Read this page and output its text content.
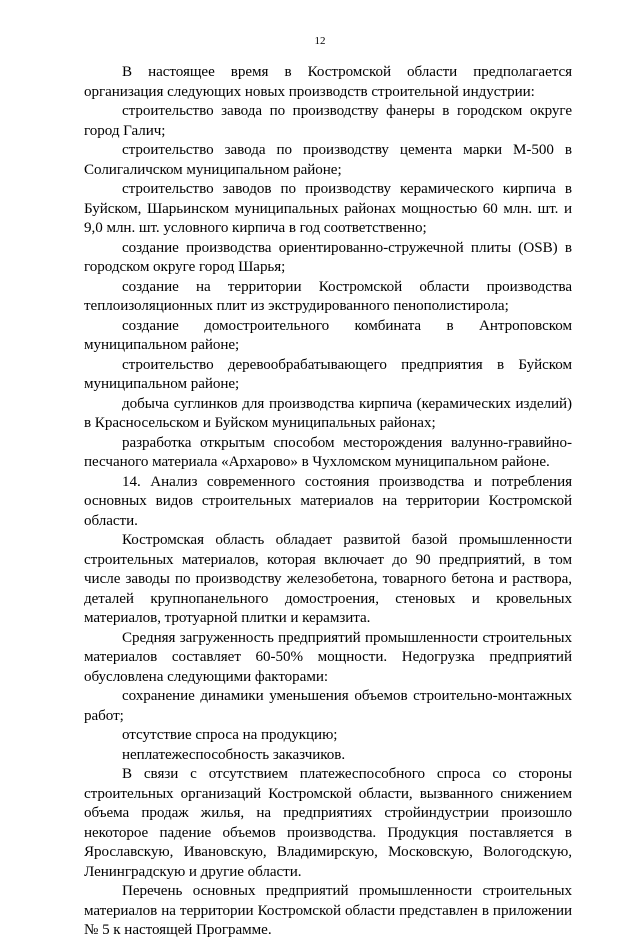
12

В настоящее время в Костромской области предполагается организация следующих новых производств строительной индустрии:

строительство завода по производству фанеры в городском округе город Галич;

строительство завода по производству цемента марки М-500 в Солигаличском муниципальном районе;

строительство заводов по производству керамического кирпича в Буйском, Шарьинском муниципальных районах мощностью 60 млн. шт. и 9,0 млн. шт. условного кирпича в год соответственно;

создание производства ориентированно-стружечной плиты (OSB) в городском округе город Шарья;

создание на территории Костромской области производства теплоизоляционных плит из экструдированного пенополистирола;

создание домостроительного комбината в Антроповском муниципальном районе;

строительство деревообрабатывающего предприятия в Буйском муниципальном районе;

добыча суглинков для производства кирпича (керамических изделий) в Красносельском и Буйском муниципальных районах;

разработка открытым способом месторождения валунно-гравийно-песчаного материала «Архарово» в Чухломском муниципальном районе.

14. Анализ современного состояния производства и потребления основных видов строительных материалов на территории Костромской области.

Костромская область обладает развитой базой промышленности строительных материалов, которая включает до 90 предприятий, в том числе заводы по производству железобетона, товарного бетона и раствора, деталей крупнопанельного домостроения, стеновых и кровельных материалов, тротуарной плитки и керамзита.

Средняя загруженность предприятий промышленности строительных материалов составляет 60-50% мощности. Недогрузка предприятий обусловлена следующими факторами:

сохранение динамики уменьшения объемов строительно-монтажных работ;

отсутствие спроса на продукцию;

неплатежеспособность заказчиков.

В связи с отсутствием платежеспособного спроса со стороны строительных организаций Костромской области, вызванного снижением объема продаж жилья, на предприятиях стройиндустрии произошло некоторое падение объемов производства. Продукция поставляется в Ярославскую, Ивановскую, Владимирскую, Московскую, Вологодскую, Ленинградскую и другие области.

Перечень основных предприятий промышленности строительных материалов на территории Костромской области представлен в приложении № 5 к настоящей Программе.
